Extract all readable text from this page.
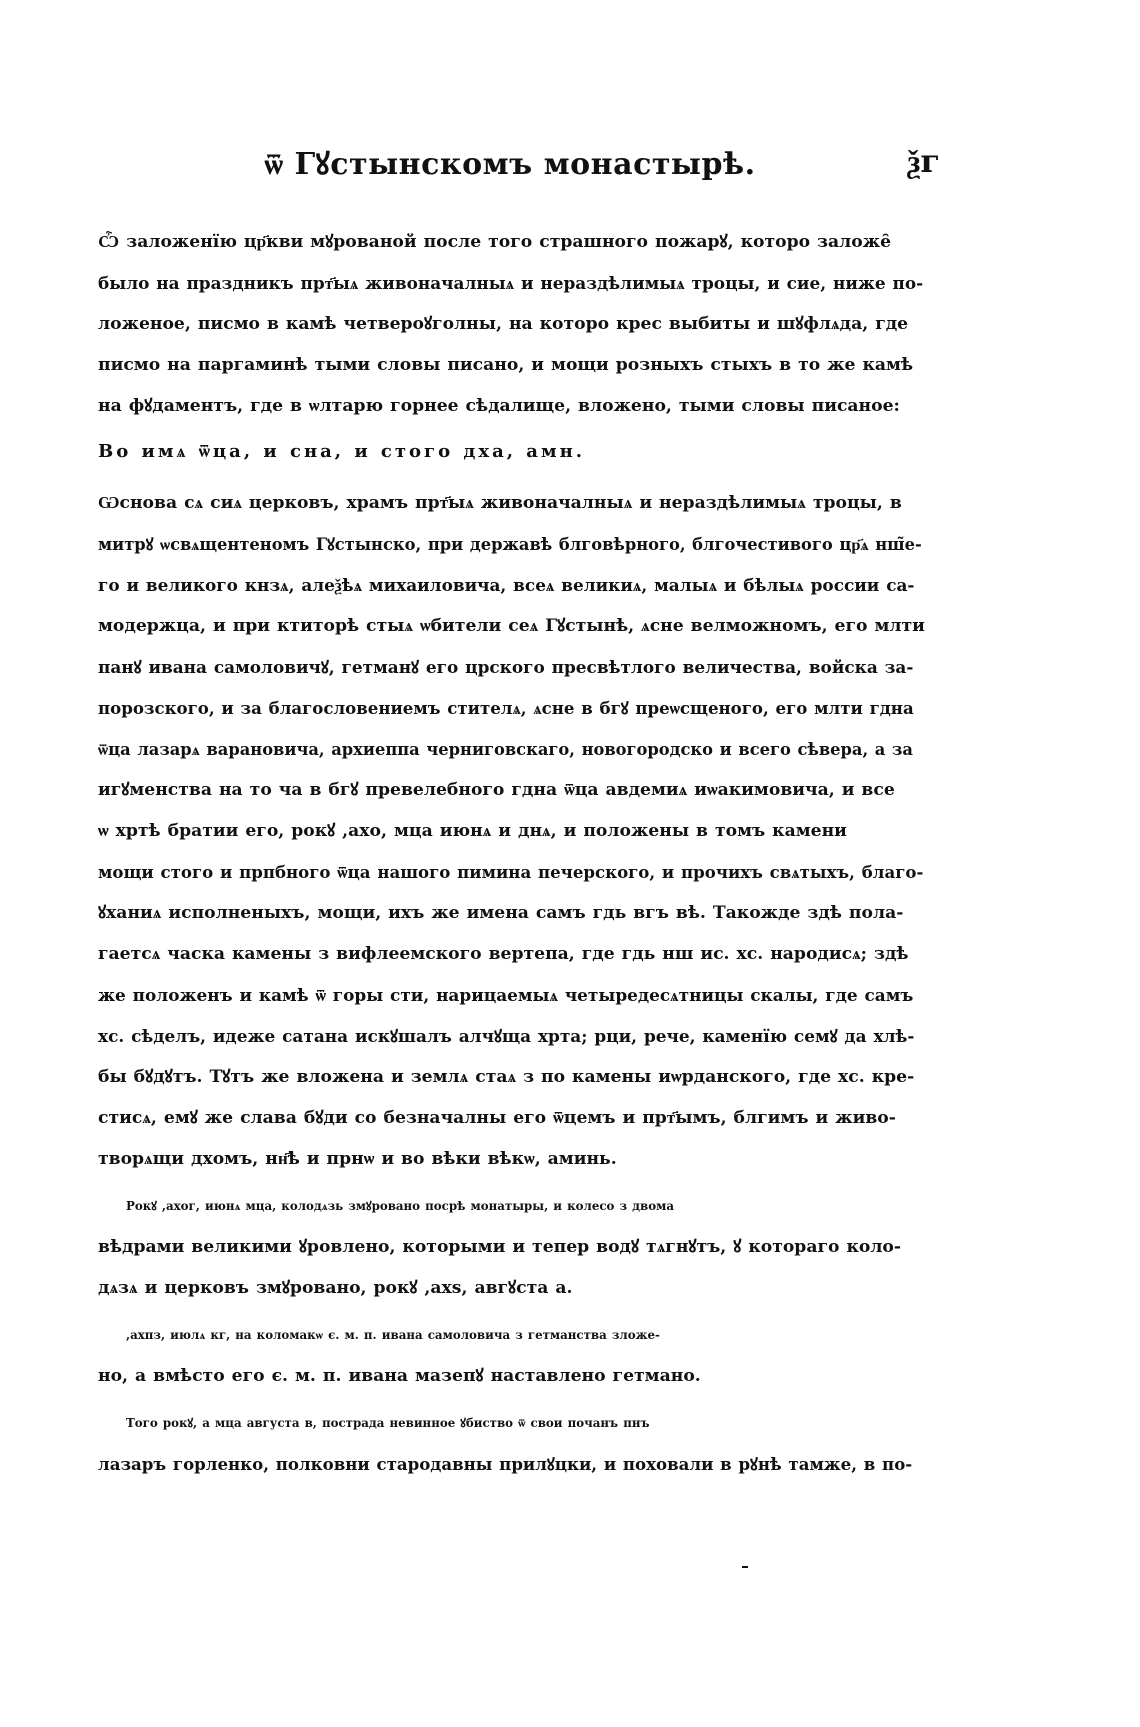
ѿ Гꙋстынскомъ монастырѣ.	ѯг

Ѽ заложенїю цр҃кви мꙋрованой после того страшного пожарꙋ, которо заложе̑
было на праздникъ прт҃ыѧ живоначалныѧ и нераздѣлимыѧ троцы, и сие, ниже по-
ложеное, писмо в камѣ четвероꙋголны, на которо крес выбиты и шꙋфлѧда, где
писмо на паргаминѣ тыми словы писано, и мощи розныхъ стыхъ в то же камѣ
на фꙋдаментъ, где в ѡлтарю горнее сѣдалище, вложено, тыми словы писаное:

Во имѧ ѿца, и сна, и стого дха, амн.

Ѡснова сѧ сиѧ церковъ, храмъ прт҃ыѧ живоначалныѧ и нераздѣлимыѧ троцы, в
митрꙋ ѡсвѧщентеномъ Гꙋстынско, при державѣ блговѣрного, блгочестивого цр҃ѧ нш̃е-
го и великого кнзѧ, алеѯѣѧ михаиловича, всеѧ великиѧ, малыѧ и бѣлыѧ россии са-
модержца, и при ктиторѣ стыѧ ѡбители сеѧ Гꙋстынѣ, ѧсне велможномъ, его млти
панꙋ ивана самоловичꙋ, гетманꙋ его црского пресвѣтлого величества, войска за-
порозского, и за благословениемъ стителѧ, ѧсне в бгꙋ преѡсщеного, его млти гдна
ѿца лазарѧ варановича, архиеппа черниговскаго, новогородско и всего сѣвера, а за
игꙋменства на то ча в бгꙋ превелебного гдна ѿца авдемиѧ иѡакимовича, и все
ѡ хртѣ братии его, рокꙋ ,ахо, мца июнѧ и днѧ, и положены в томъ камени
мощи стого и прпбного ѿца нашого пимина печерского, и прочихъ свѧтыхъ, благо-
ꙋханиѧ исполненыхъ, мощи, ихъ же имена самъ гдь вгъ вѣ. Такожде здѣ пола-
гаетсѧ часка камены з вифлеемского вертепа, где гдь нш ис. хс. народисѧ; здѣ
же положенъ и камѣ ѿ горы сти, нарицаемыѧ четыредесѧтницы скалы, где самъ
хс. сѣделъ, идеже сатана искꙋшалъ алчꙋща хрта; рци, рече, каменїю семꙋ да хлѣ-
бы бꙋдꙋтъ. Тꙋтъ же вложена и землѧ стаѧ з по камены иѡрданского, где хс. кре-
стисѧ, емꙋ же слава бꙋди со безначалны его ѿцемъ и прт҃ымъ, блгимъ и живо-
творѧщи дхомъ, нн҃ѣ и прнѡ и во вѣки вѣкѡ, аминь.

Рокꙋ ,ахог, июнѧ мца, колодѧзь змꙋровано посрѣ монатыры, и колесо з двома
вѣдрами великими ꙋровлено, которыми и тепер водꙋ тѧгнꙋтъ, ꙋ котораго коло-
дѧзѧ и церковъ змꙋровано, рокꙋ ,ахѕ, авгꙋста а.

,ахпз, июлѧ кг, на коломакѡ є. м. п. ивана самоловича з гетманства зложе-
но, а вмѣсто его є. м. п. ивана мазепꙋ наставлено гетмано.

Того рокꙋ, а мца августа в, пострада невинное ꙋбиство ѿ свои почанъ пнъ
лазаръ горленко, полковни стародавны прилꙋцки, и поховали в рꙋнѣ тамже, в по-
